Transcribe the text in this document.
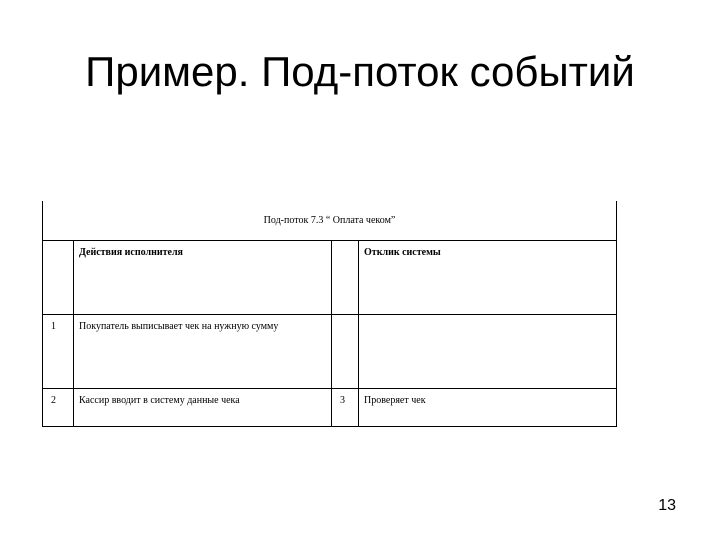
Пример. Под-поток событий
Под-поток 7.3 “ Оплата чеком”			

	Действия исполнителя		Отклик системы

1	Покупатель выписывает чек на нужную сумму		

2	Кассир вводит в систему данные чека	3	Проверяет чек
13
